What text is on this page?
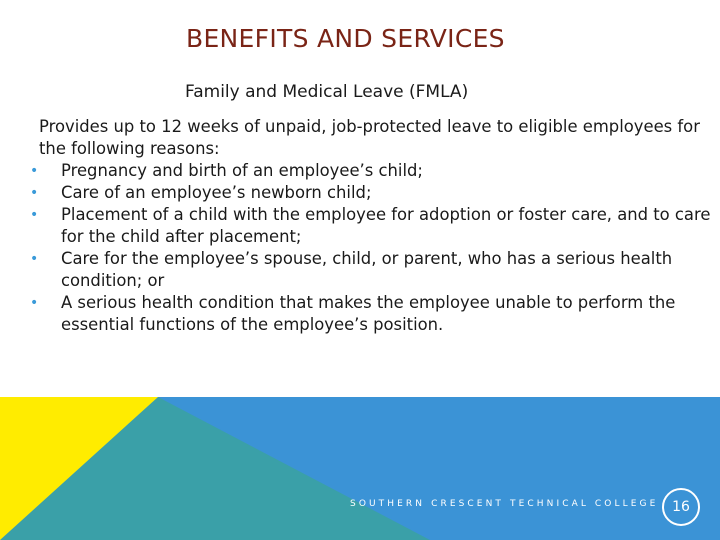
BENEFITS AND SERVICES
Family and Medical Leave (FMLA)

Provides up to 12 weeks of unpaid, job-protected leave to eligible employees for the following reasons:

• Pregnancy and birth of an employee’s child;
• Care of an employee’s newborn child;
• Placement of a child with the employee for adoption or foster care, and to care for the child after placement;
• Care for the employee’s spouse, child, or parent, who has a serious health condition; or
• A serious health condition that makes the employee unable to perform the essential functions of the employee’s position.
SOUTHERN CRESCENT TECHNICAL COLLEGE 16
